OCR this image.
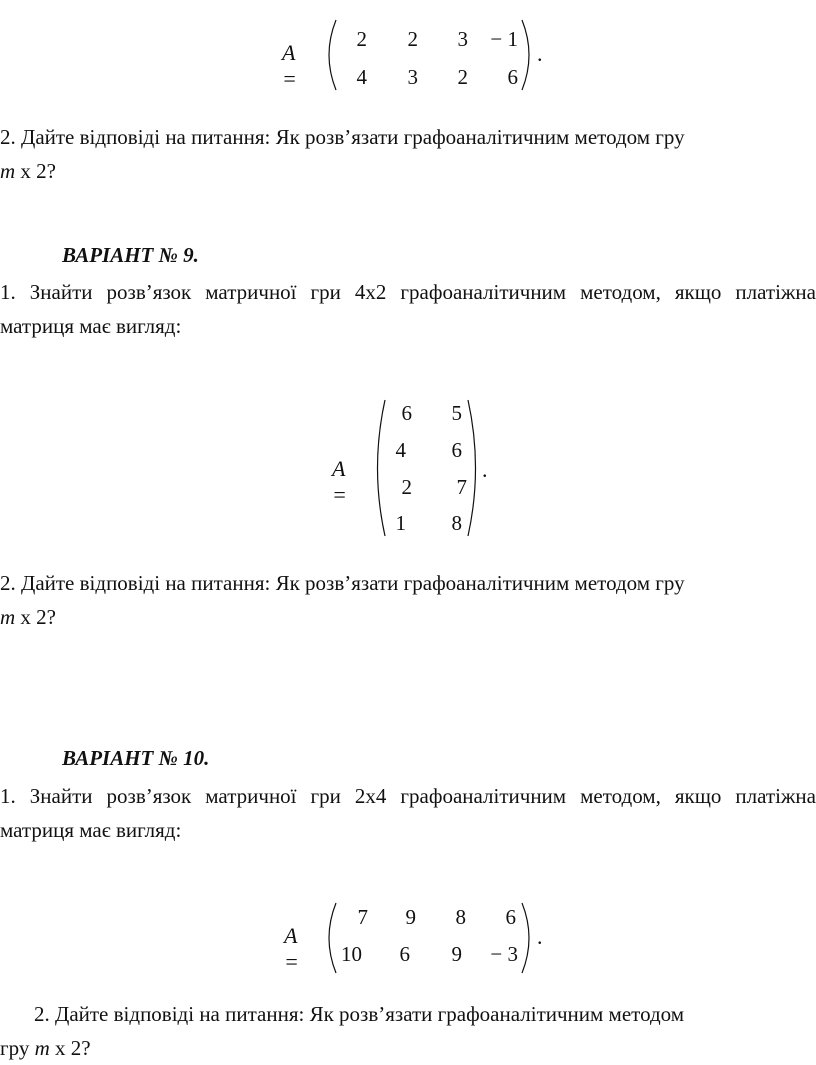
A =
2	2	3	− 1
4	3	2	6
.
2. Дайте відповіді на питання: Як розв’язати графоаналітичним методом гру
m х 2?
ВАРІАНТ № 9.
1. Знайти розв’язок матричної гри 4х2 графоаналітичним методом, якщо платіжна матриця має вигляд:
A =
6	5
4	6
2	7
1	8
.
2. Дайте відповіді на питання: Як розв’язати графоаналітичним методом гру
m х 2?
ВАРІАНТ № 10.
1. Знайти розв’язок матричної гри 2х4 графоаналітичним методом, якщо платіжна матриця має вигляд:
A =
7	9	8	6
10	6	9	− 3
.
2. Дайте відповіді на питання: Як розв’язати графоаналітичним методом
гру m х 2?
